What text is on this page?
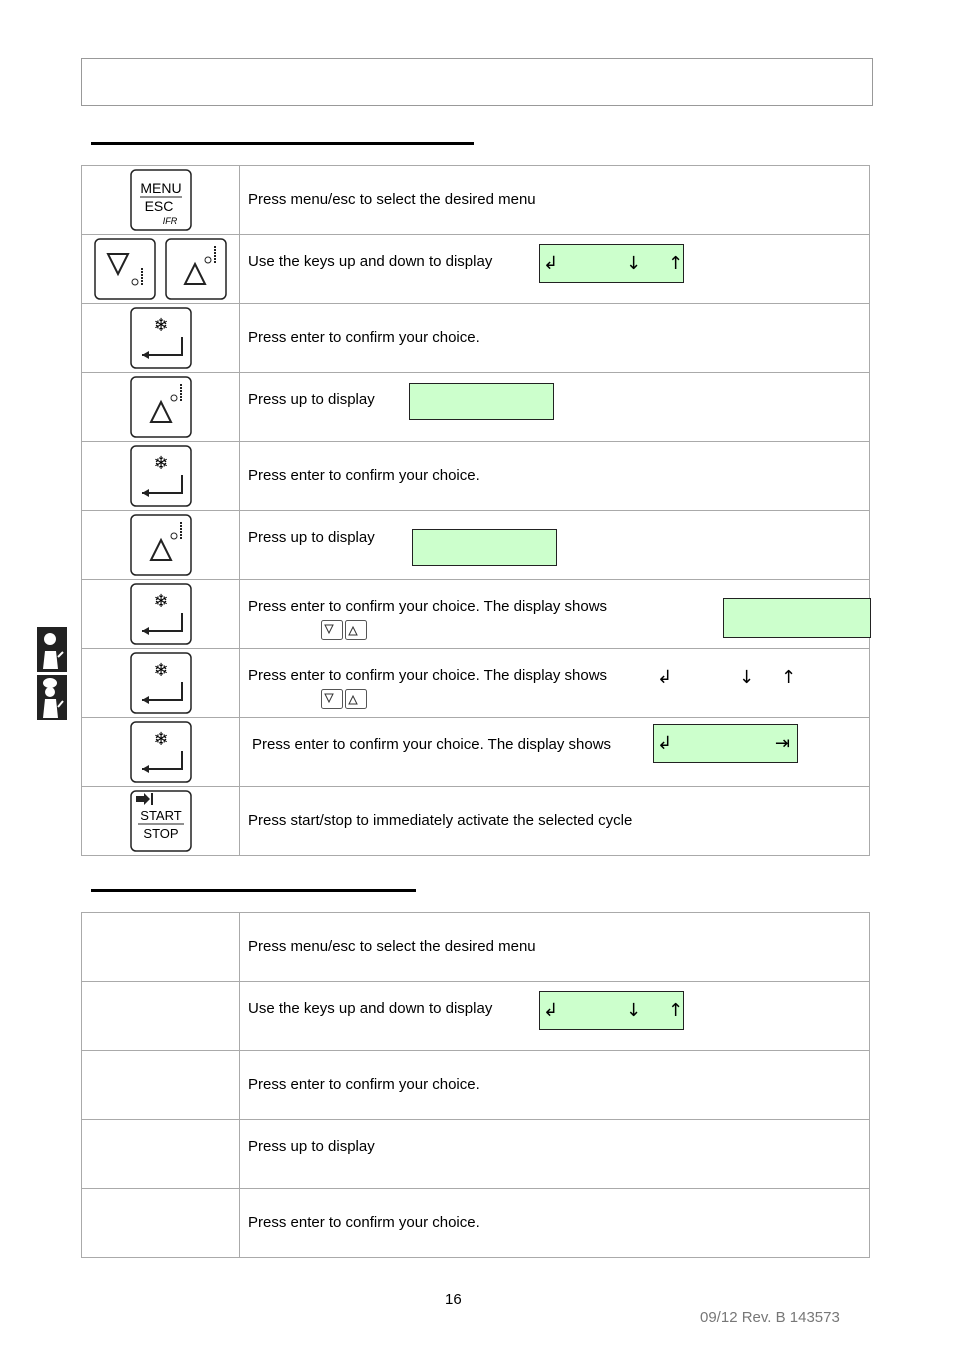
MENU
ESC
IFR	Press menu/esc to select the desired menu

Use the keys up and down to display ↲ ↓ ↑

❄	Press enter to confirm your choice.

Press up to display

❄	Press enter to confirm your choice.

Press up to display

❄	Press enter to confirm your choice. The display shows

❄	Press enter to confirm your choice. The display shows ↲ ↓ ↑

❄	Press enter to confirm your choice. The display shows ↲ ⇥

START
STOP	Press start/stop to immediately activate the selected cycle

	Press menu/esc to select the desired menu

	Use the keys up and down to display ↲ ↓ ↑

	Press enter to confirm your choice.

	Press up to display

	Press enter to confirm your choice.
16
09/12 Rev. B 143573
